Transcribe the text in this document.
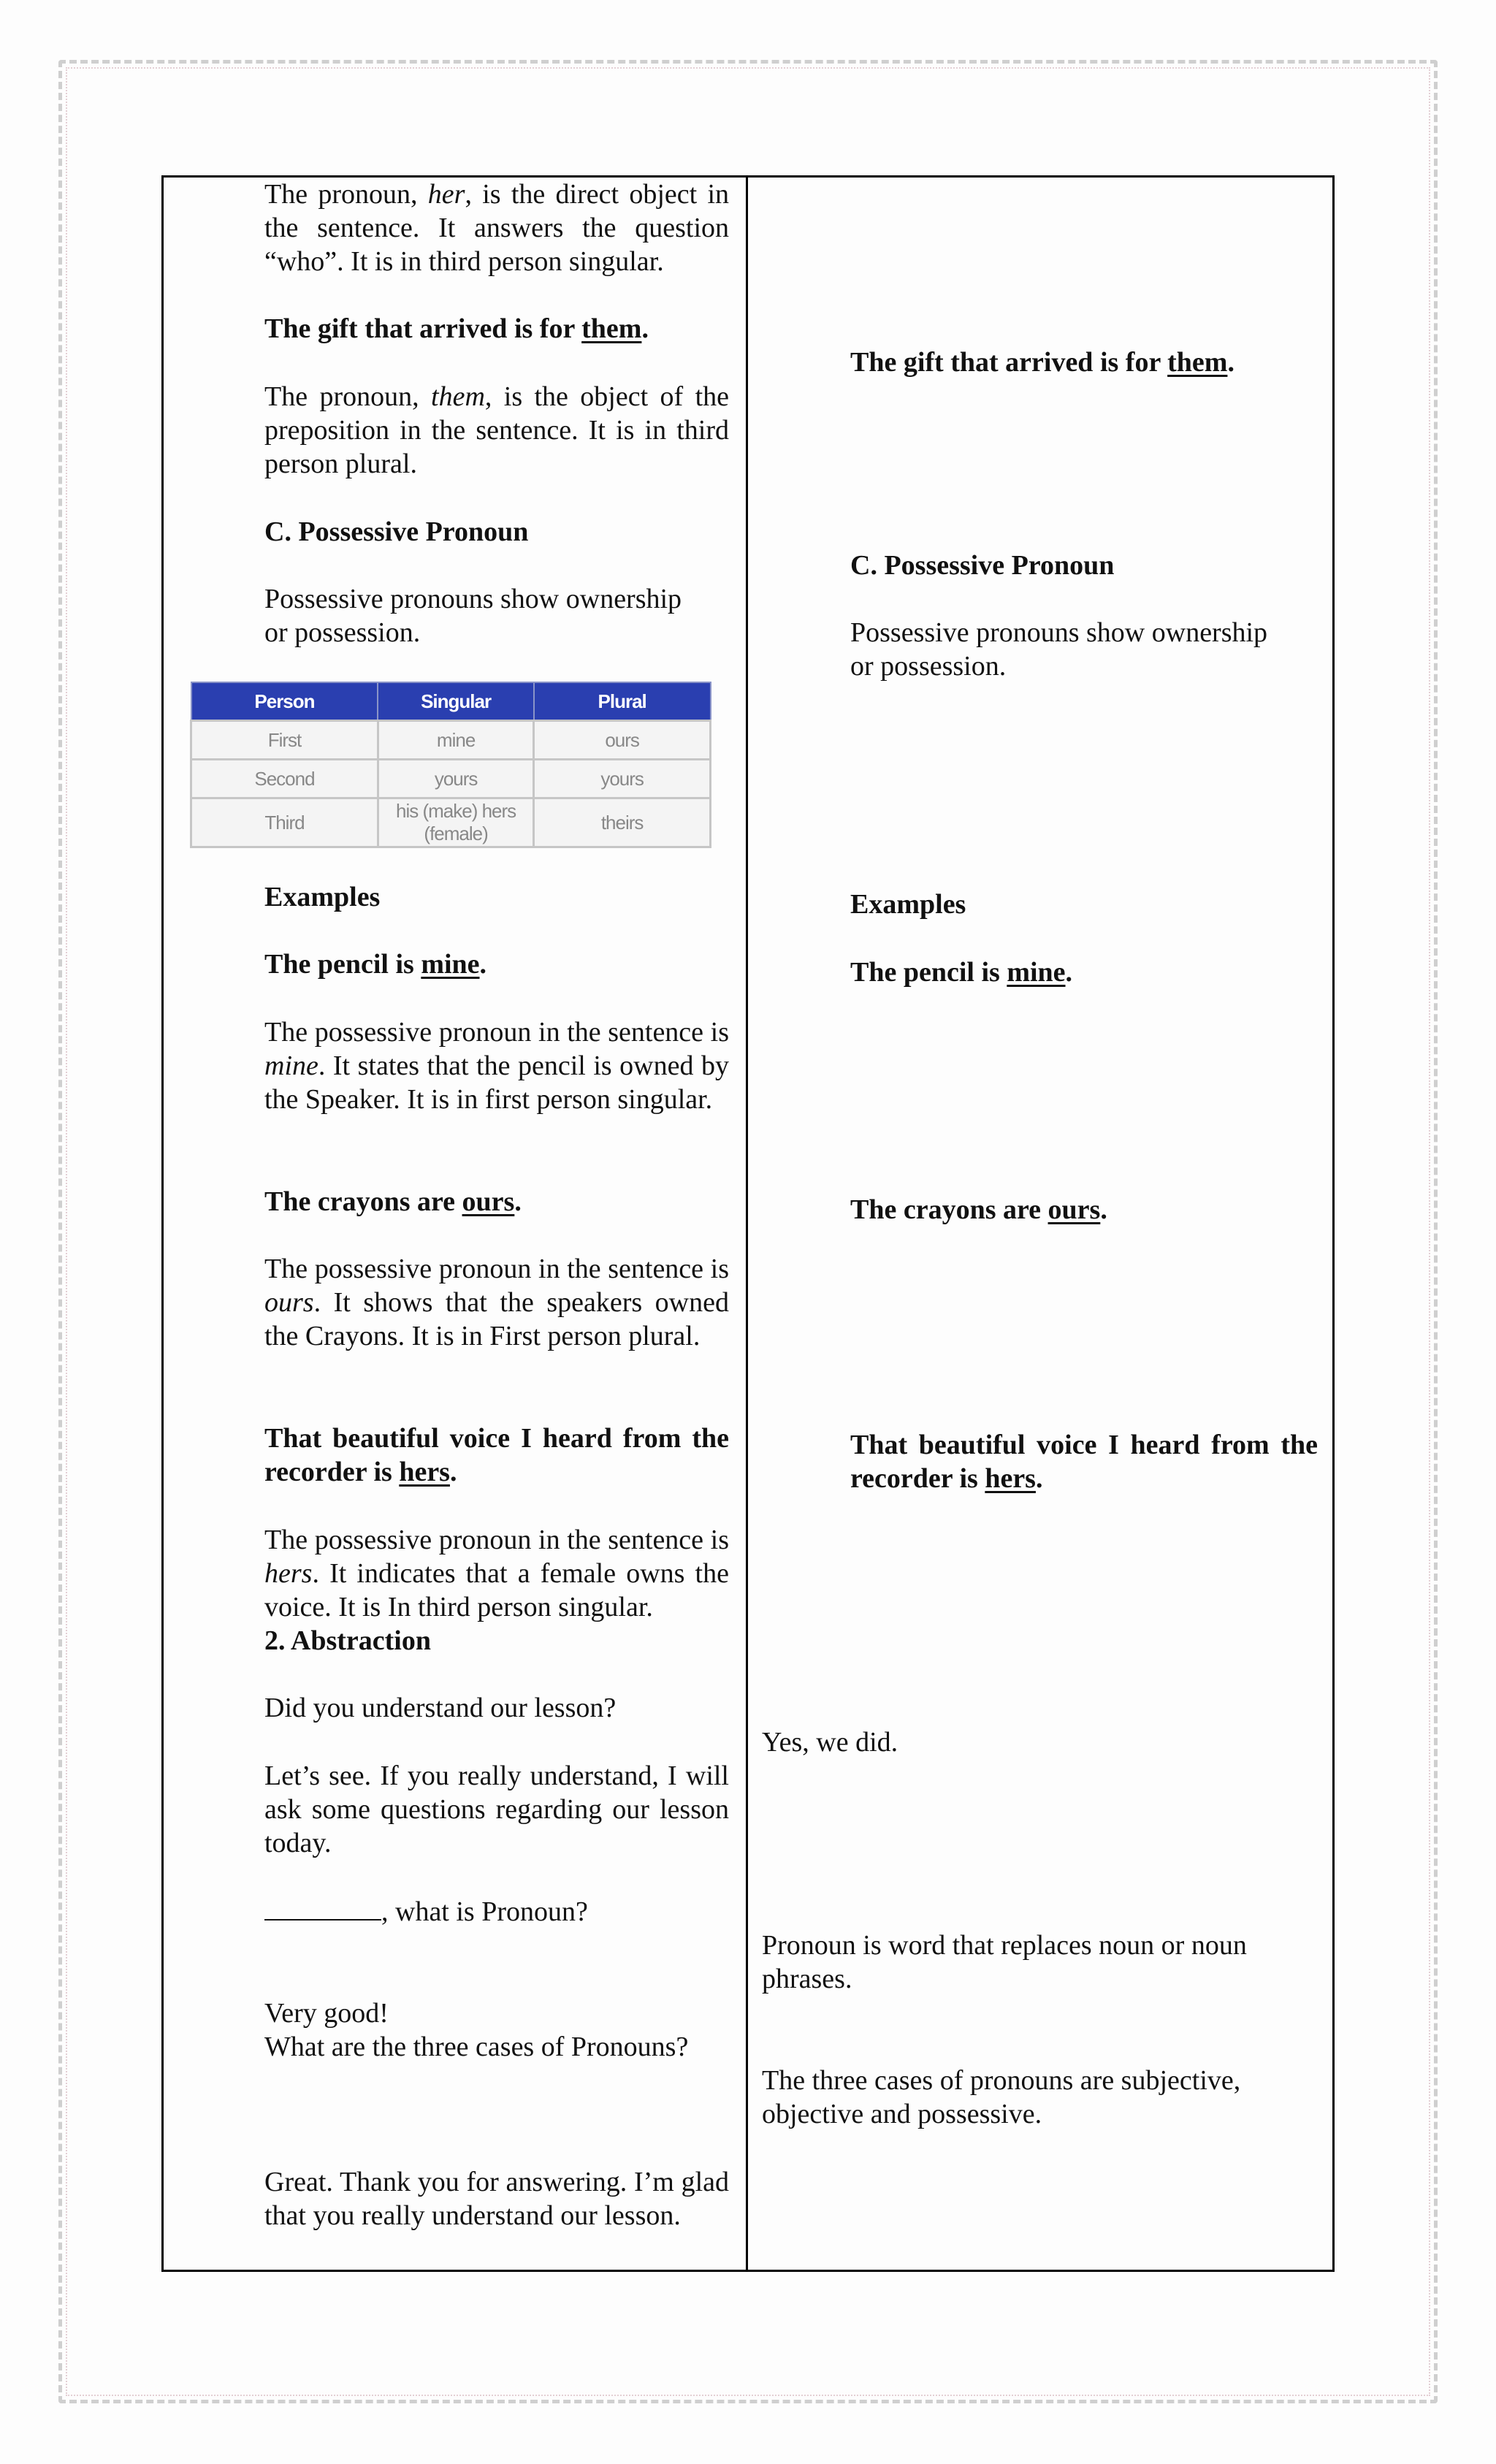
The pronoun, her, is the direct object in the sentence. It answers the question “who”. It is in third person singular.

The gift that arrived is for them.

The pronoun, them, is the object of the preposition in the sentence. It is in third person plural.

C. Possessive Pronoun

Possessive pronouns show ownership or possession.

Examples

The pencil is mine.

The possessive pronoun in the sentence is mine. It states that the pencil is owned by the Speaker. It is in first person singular.

The crayons are ours.

The possessive pronoun in the sentence is ours. It shows that the speakers owned the Crayons. It is in First person plural.

That beautiful voice I heard from the recorder is hers.

The possessive pronoun in the sentence is hers. It indicates that a female owns the voice. It is In third person singular.

2. Abstraction

Did you understand our lesson?

Let’s see. If you really understand, I will ask some questions regarding our lesson today.

, what is Pronoun?

Very good!

What are the three cases of Pronouns?

Great. Thank you for answering. I’m glad that you really understand our lesson.

Person	Singular	Plural
First	mine	ours
Second	yours	yours
Third	his (make) hers (female)	theirs

The gift that arrived is for them.

C. Possessive Pronoun

Possessive pronouns show ownership or possession.

Examples

The pencil is mine.

The crayons are ours.

That beautiful voice I heard from the recorder is hers.

Yes, we did.

Pronoun is word that replaces noun or noun phrases.

The three cases of pronouns are subjective, objective and possessive.
